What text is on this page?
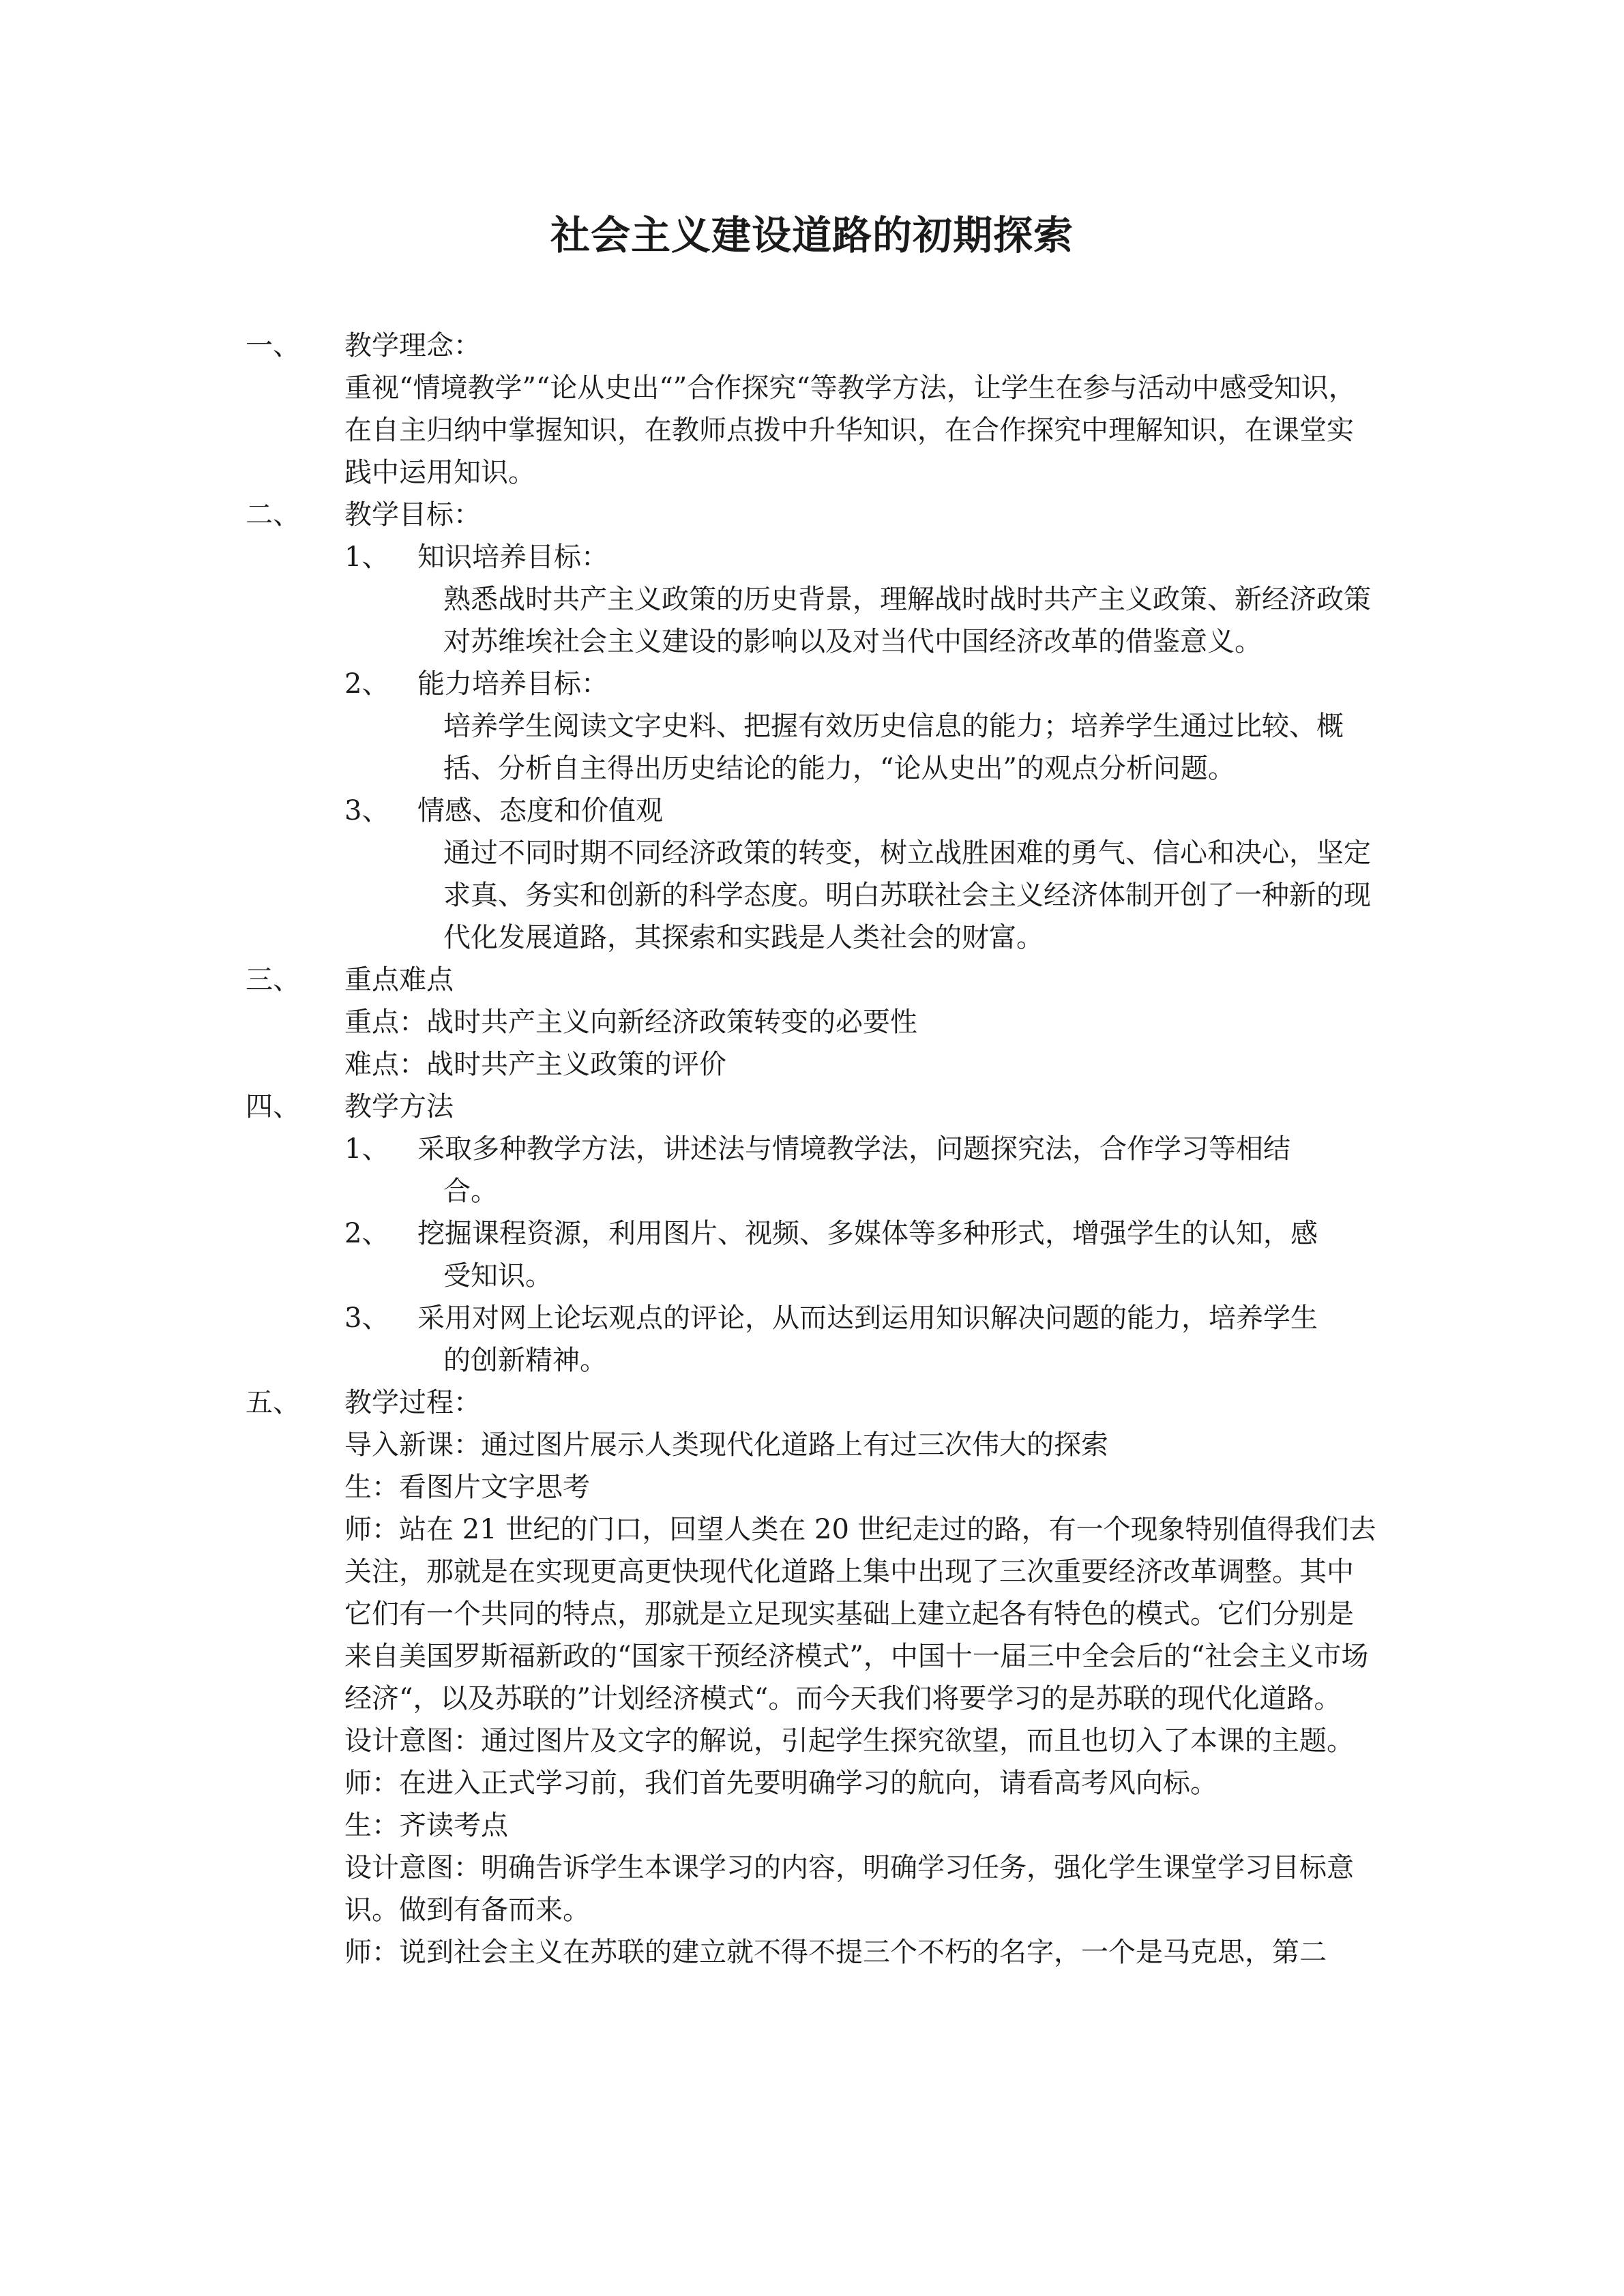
社会主义建设道路的初期探索
一、	教学理念：

重视“情境教学”“论从史出“”合作探究“等教学方法，让学生在参与活动中感受知识，在自主归纳中掌握知识，在教师点拨中升华知识，在合作探究中理解知识，在课堂实践中运用知识。

二、	教学目标：
1、	知识培养目标：

熟悉战时共产主义政策的历史背景，理解战时战时共产主义政策、新经济政策对苏维埃社会主义建设的影响以及对当代中国经济改革的借鉴意义。

2、	能力培养目标：

培养学生阅读文字史料、把握有效历史信息的能力；培养学生通过比较、概括、分析自主得出历史结论的能力，“论从史出”的观点分析问题。

3、	情感、态度和价值观

通过不同时期不同经济政策的转变，树立战胜困难的勇气、信心和决心，坚定求真、务实和创新的科学态度。明白苏联社会主义经济体制开创了一种新的现代化发展道路，其探索和实践是人类社会的财富。

三、	重点难点

重点：战时共产主义向新经济政策转变的必要性

难点：战时共产主义政策的评价

四、	教学方法
1、	采取多种教学方法，讲述法与情境教学法，问题探究法，合作学习等相结
合。
2、	挖掘课程资源，利用图片、视频、多媒体等多种形式，增强学生的认知，感
受知识。
3、	采用对网上论坛观点的评论，从而达到运用知识解决问题的能力，培养学生
的创新精神。
五、	教学过程：

导入新课：通过图片展示人类现代化道路上有过三次伟大的探索

生：看图片文字思考

师：站在 21 世纪的门口，回望人类在 20 世纪走过的路，有一个现象特别值得我们去关注，那就是在实现更高更快现代化道路上集中出现了三次重要经济改革调整。其中它们有一个共同的特点，那就是立足现实基础上建立起各有特色的模式。它们分别是来自美国罗斯福新政的“国家干预经济模式”，中国十一届三中全会后的“社会主义市场经济“，以及苏联的”计划经济模式“。而今天我们将要学习的是苏联的现代化道路。

设计意图：通过图片及文字的解说，引起学生探究欲望，而且也切入了本课的主题。

师：在进入正式学习前，我们首先要明确学习的航向，请看高考风向标。

生：齐读考点

设计意图：明确告诉学生本课学习的内容，明确学习任务，强化学生课堂学习目标意识。做到有备而来。

师：说到社会主义在苏联的建立就不得不提三个不朽的名字，一个是马克思，第二
